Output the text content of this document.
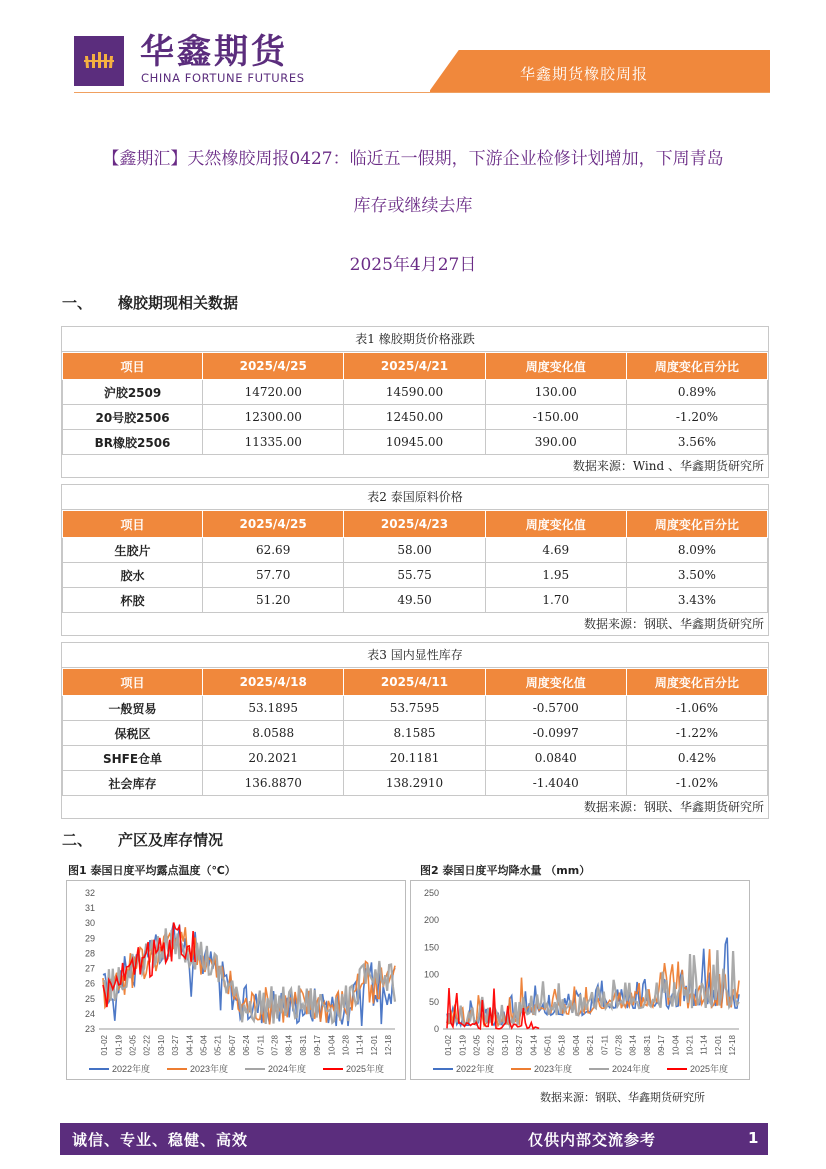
华鑫期货
CHINA FORTUNE FUTURES	华鑫期货橡胶周报
【鑫期汇】天然橡胶周报0427：临近五一假期，下游企业检修计划增加，下周青岛
库存或继续去库
2025年4月27日
一、 橡胶期现相关数据
表1 橡胶期货价格涨跌
项目	2025/4/25	2025/4/21	周度变化值	周度变化百分比
沪胶2509	14720.00	14590.00	130.00	0.89%
20号胶2506	12300.00	12450.00	-150.00	-1.20%
BR橡胶2506	11335.00	10945.00	390.00	3.56%
数据来源：Wind 、华鑫期货研究所
表2 泰国原料价格
项目	2025/4/25	2025/4/23	周度变化值	周度变化百分比
生胶片	62.69	58.00	4.69	8.09%
胶水	57.70	55.75	1.95	3.50%
杯胶	51.20	49.50	1.70	3.43%
数据来源：钢联、华鑫期货研究所
表3 国内显性库存
项目	2025/4/18	2025/4/11	周度变化值	周度变化百分比
一般贸易	53.1895	53.7595	-0.5700	-1.06%
保税区	8.0588	8.1585	-0.0997	-1.22%
SHFE仓单	20.2021	20.1181	0.0840	0.42%
社会库存	136.8870	138.2910	-1.4040	-1.02%
数据来源：钢联、华鑫期货研究所
二、 产区及库存情况
图1 泰国日度平均露点温度（℃）	图2 泰国日度平均降水量 （mm）
32
31
30
29
28
27
26
25
24
23
01-02 01-19 02-05 02-22 03-10 03-27 04-14 05-04 05-21 06-07 06-24 07-11 07-28 08-14 08-31 09-17 10-04 10-28 11-14 12-01 12-18
2022年度	2023年度	2024年度	2025年度
250
200
150
100
50
0
01-02 01-19 02-05 02-22 03-10 03-27 04-14 05-01 05-18 06-04 06-21 07-11 07-28 08-14 08-31 09-17 10-04 10-21 11-14 12-01 12-18
2022年度	2023年度	2024年度	2025年度
数据来源：钢联、华鑫期货研究所
诚信、专业、稳健、高效	仅供内部交流参考	1
